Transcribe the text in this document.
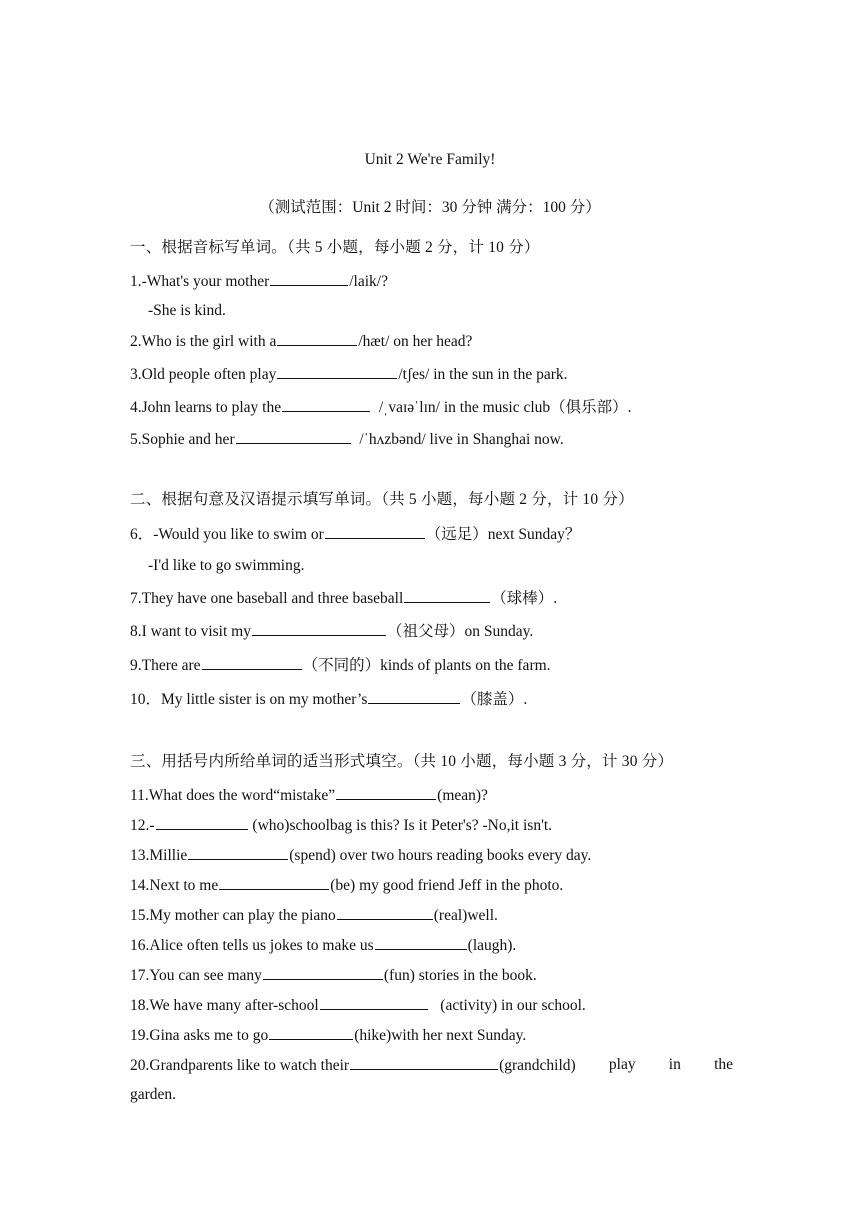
Unit 2 We're Family!
（测试范围：Unit 2 时间：30 分钟 满分：100 分）
一、根据音标写单词。（共 5 小题，每小题 2 分，计 10 分）
1.-What's your mother	/laik/?
-She is kind.
2.Who is the girl with a	/hæt/ on her head?
3.Old people often play	/tʃes/ in the sun in the park.
4.John learns to play the	/ˌvaɪəˈlɪn/ in the music club（俱乐部）.
5.Sophie and her	/ˈhʌzbənd/ live in Shanghai now.
二、根据句意及汉语提示填写单词。（共 5 小题，每小题 2 分，计 10 分）
6．-Would you like to swim or	（远足）next Sunday？
-I'd like to go swimming.
7.They have one baseball and three baseball	（球棒）.
8.I want to visit my	（祖父母）on Sunday.
9.There are	（不同的）kinds of plants on the farm.
10．My little sister is on my mother’s	（膝盖）.
三、用括号内所给单词的适当形式填空。（共 10 小题，每小题 3 分，计 30 分）
11.What does the word“mistake”	(mean)?
12.-	(who)schoolbag is this? Is it Peter's? -No,it isn't.
13.Millie	(spend) over two hours reading books every day.
14.Next to me	(be) my good friend Jeff in the photo.
15.My mother can play the piano	(real)well.
16.Alice often tells us jokes to make us	(laugh).
17.You can see many	(fun) stories in the book.
18.We have many after-school	(activity) in our school.
19.Gina asks me to go	(hike)with her next Sunday.
20.Grandparents like to watch their	(grandchild) play in the
garden.
